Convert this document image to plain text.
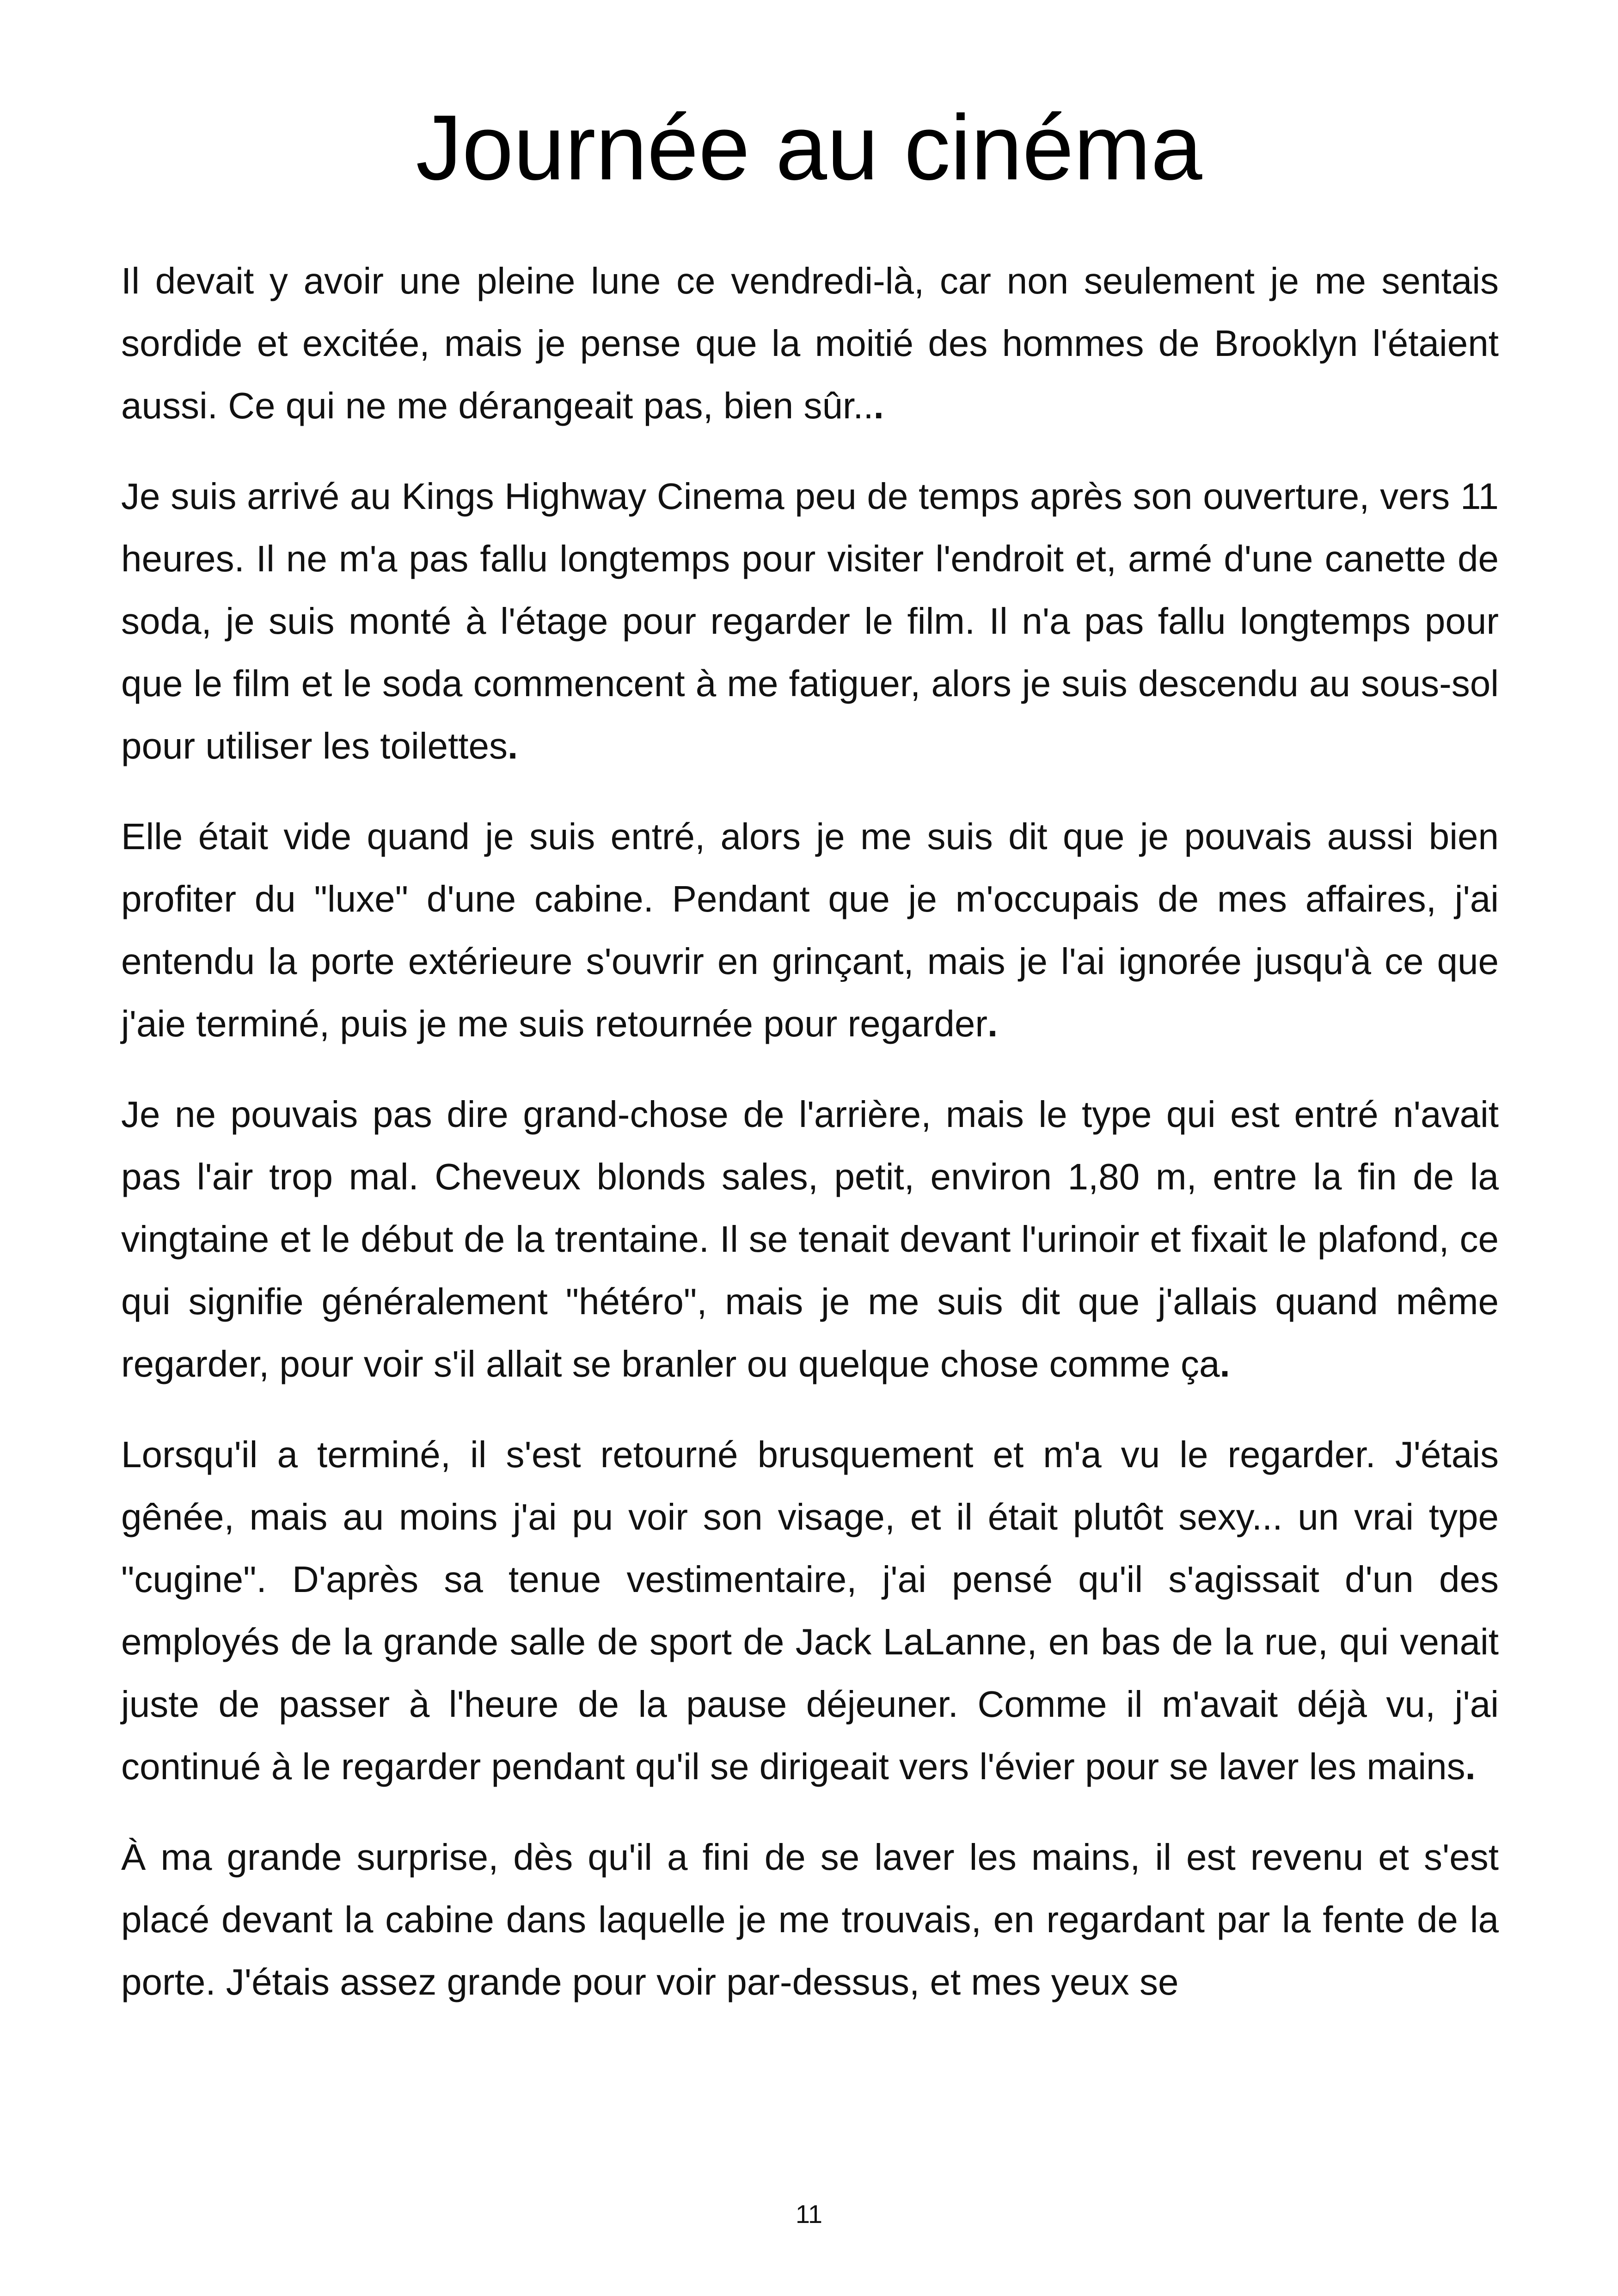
Journée au cinéma

Il devait y avoir une pleine lune ce vendredi-là, car non seulement je me sentais sordide et excitée, mais je pense que la moitié des hommes de Brooklyn l'étaient aussi. Ce qui ne me dérangeait pas, bien sûr...

Je suis arrivé au Kings Highway Cinema peu de temps après son ouverture, vers 11 heures. Il ne m'a pas fallu longtemps pour visiter l'endroit et, armé d'une canette de soda, je suis monté à l'étage pour regarder le film. Il n'a pas fallu longtemps pour que le film et le soda commencent à me fatiguer, alors je suis descendu au sous-sol pour utiliser les toilettes.

Elle était vide quand je suis entré, alors je me suis dit que je pouvais aussi bien profiter du "luxe" d'une cabine. Pendant que je m'occupais de mes affaires, j'ai entendu la porte extérieure s'ouvrir en grinçant, mais je l'ai ignorée jusqu'à ce que j'aie terminé, puis je me suis retournée pour regarder.

Je ne pouvais pas dire grand-chose de l'arrière, mais le type qui est entré n'avait pas l'air trop mal. Cheveux blonds sales, petit, environ 1,80 m, entre la fin de la vingtaine et le début de la trentaine. Il se tenait devant l'urinoir et fixait le plafond, ce qui signifie généralement "hétéro", mais je me suis dit que j'allais quand même regarder, pour voir s'il allait se branler ou quelque chose comme ça.

Lorsqu'il a terminé, il s'est retourné brusquement et m'a vu le regarder. J'étais gênée, mais au moins j'ai pu voir son visage, et il était plutôt sexy... un vrai type "cugine". D'après sa tenue vestimentaire, j'ai pensé qu'il s'agissait d'un des employés de la grande salle de sport de Jack LaLanne, en bas de la rue, qui venait juste de passer à l'heure de la pause déjeuner. Comme il m'avait déjà vu, j'ai continué à le regarder pendant qu'il se dirigeait vers l'évier pour se laver les mains.

À ma grande surprise, dès qu'il a fini de se laver les mains, il est revenu et s'est placé devant la cabine dans laquelle je me trouvais, en regardant par la fente de la porte. J'étais assez grande pour voir par-dessus, et mes yeux se

11
